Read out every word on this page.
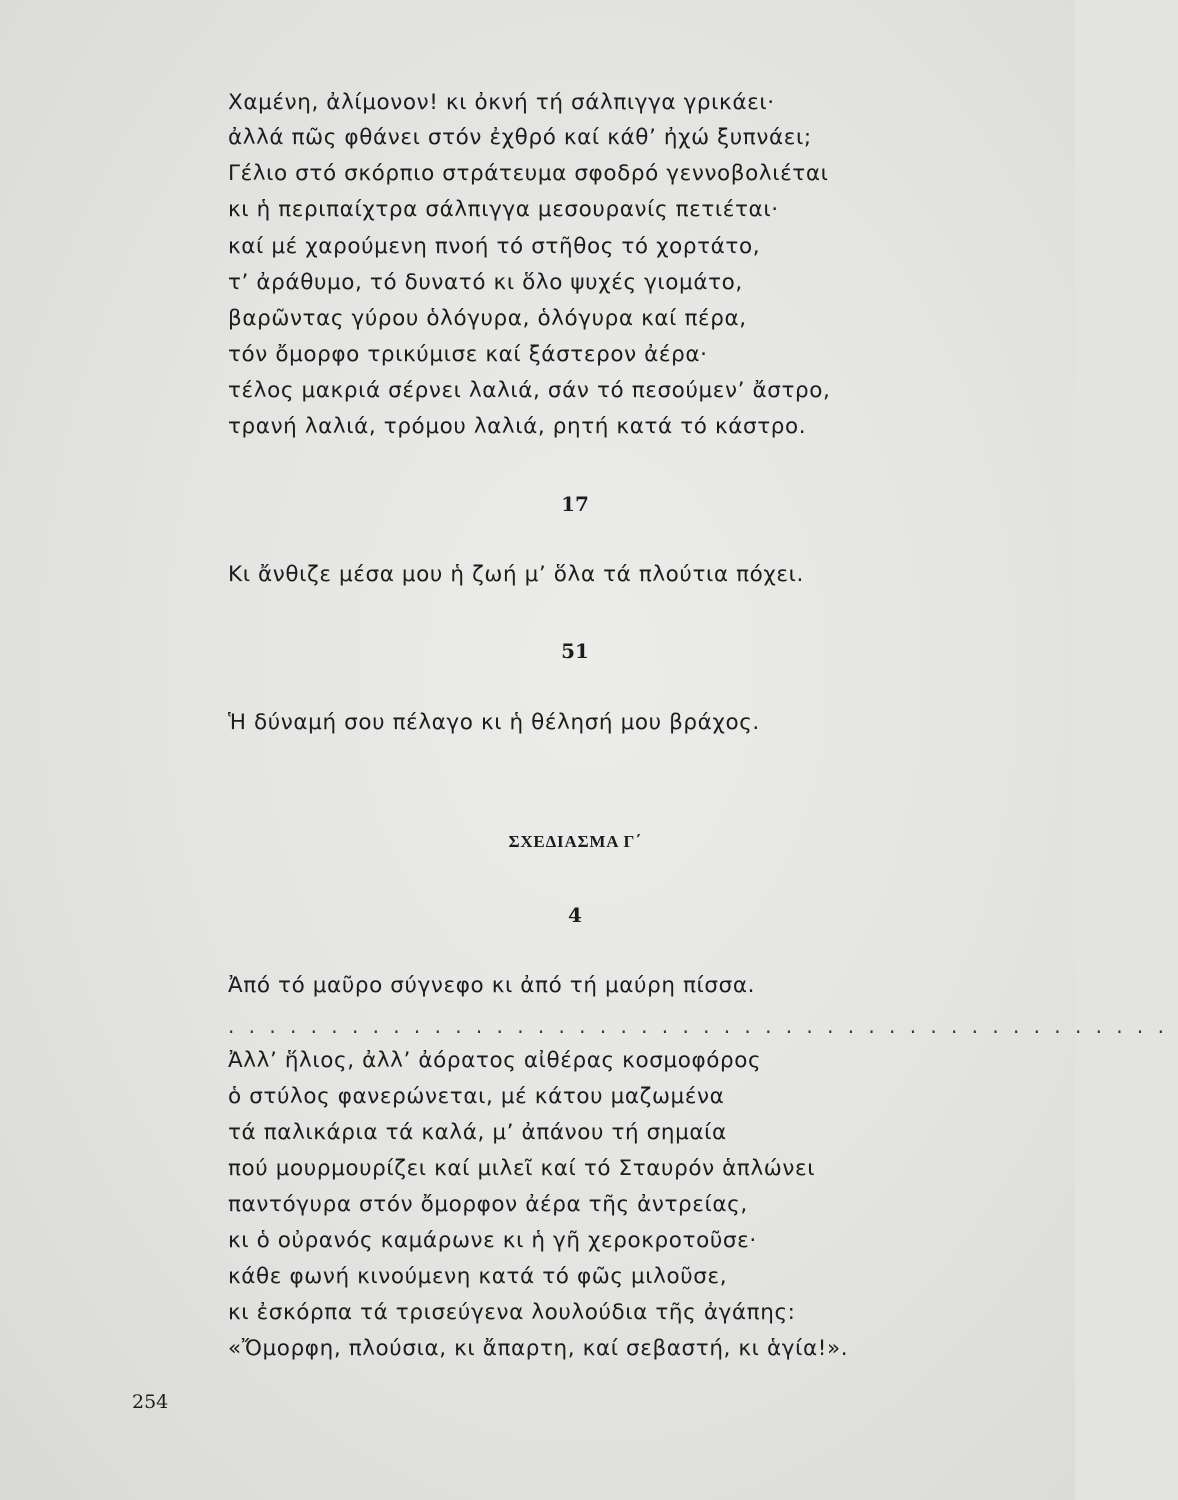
Χαμένη, ἀλίμονον! κι ὀκνή τή σάλπιγγα γρικάει·
ἀλλά πῶς φθάνει στόν ἐχθρό καί κάθ’ ἠχώ ξυπνάει;
Γέλιο στό σκόρπιο στράτευμα σφοδρό γεννοβολιέται
κι ἡ περιπαίχτρα σάλπιγγα μεσουρανίς πετιέται·
καί μέ χαρούμενη πνοή τό στῆθος τό χορτάτο,
τ’ ἀράθυμο, τό δυνατό κι ὅλο ψυχές γιομάτο,
βαρῶντας γύρου ὁλόγυρα, ὁλόγυρα καί πέρα,
τόν ὄμορφο τρικύμισε καί ξάστερον ἀέρα·
τέλος μακριά σέρνει λαλιά, σάν τό πεσούμεν’ ἄστρο,
τρανή λαλιά, τρόμου λαλιά, ρητή κατά τό κάστρο.
17
Κι ἄνθιζε μέσα μου ἡ ζωή μ’ ὅλα τά πλούτια πόχει.
51
Ἡ δύναμή σου πέλαγο κι ἡ θέλησή μου βράχος.
ΣΧΕΔΙΑΣΜΑ Γ΄
4
Ἀπό τό μαῦρο σύγνεφο κι ἀπό τή μαύρη πίσσα.
..............................................
Ἀλλ’ ἥλιος, ἀλλ’ ἀόρατος αἰθέρας κοσμοφόρος
ὁ στύλος φανερώνεται, μέ κάτου μαζωμένα
τά παλικάρια τά καλά, μ’ ἀπάνου τή σημαία
πού μουρμουρίζει καί μιλεῖ καί τό Σταυρόν ἁπλώνει
παντόγυρα στόν ὄμορφον ἀέρα τῆς ἀντρείας,
κι ὁ οὐρανός καμάρωνε κι ἡ γῆ χεροκροτοῦσε·
κάθε φωνή κινούμενη κατά τό φῶς μιλοῦσε,
κι ἐσκόρπα τά τρισεύγενα λουλούδια τῆς ἀγάπης:
«Ὄμορφη, πλούσια, κι ἄπαρτη, καί σεβαστή, κι ἁγία!».
254
